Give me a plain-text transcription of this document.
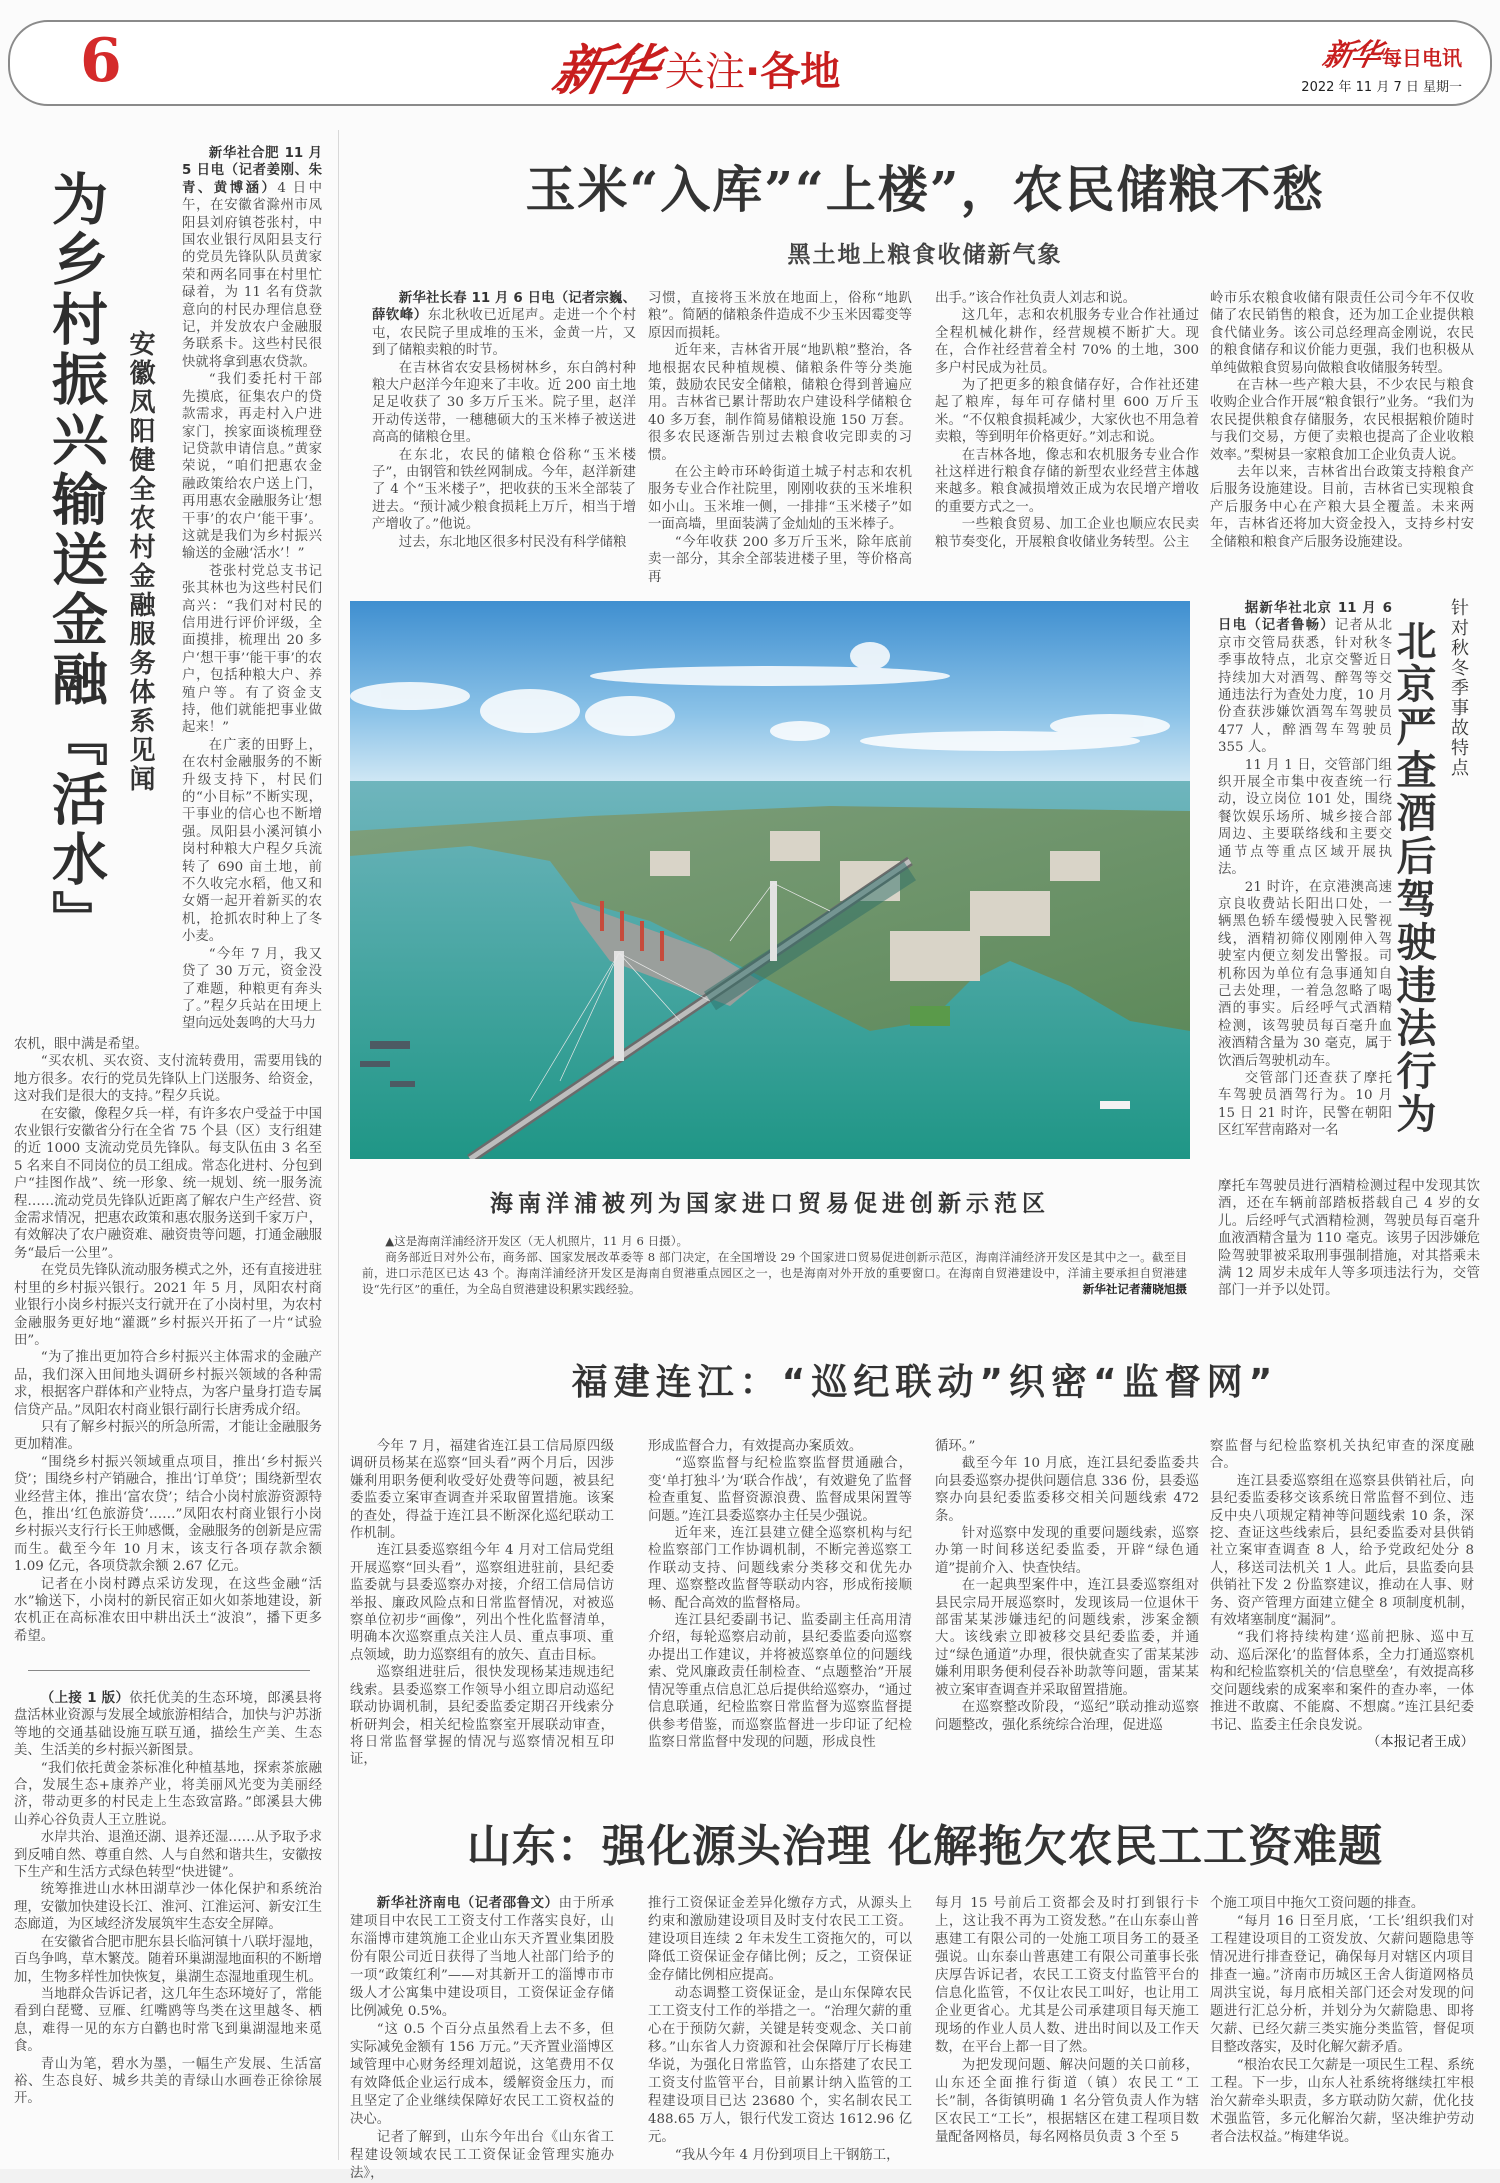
6	新华 关注·各地	新华 每日电讯
2022 年 11 月 7 日 星期一
为乡村振兴输送金融『活水』 安徽凤阳健全农村金融服务体系见闻

新华社合肥 11 月 5 日电（记者姜刚、朱青、黄博涵）4 日中午，在安徽省滁州市凤阳县刘府镇苍张村，中国农业银行凤阳县支行的党员先锋队队员黄家荣和两名同事在村里忙碌着，为 11 名有贷款意向的村民办理信息登记，并发放农户金融服务联系卡。这些村民很快就将拿到惠农贷款。

“我们委托村干部先摸底，征集农户的贷款需求，再走村入户进家门，挨家面谈梳理登记贷款申请信息。”黄家荣说，“咱们把惠农金融政策给农户送上门，再用惠农金融服务让‘想干事’的农户‘能干事’。这就是我们为乡村振兴输送的金融‘活水’！”

苍张村党总支书记张其林也为这些村民们高兴：“我们对村民的信用进行评价评级，全面摸排，梳理出 20 多户‘想干事’‘能干事’的农户，包括种粮大户、养殖户等。有了资金支持，他们就能把事业做起来！”

在广袤的田野上，在农村金融服务的不断升级支持下，村民们的“小目标”不断实现，干事业的信心也不断增强。凤阳县小溪河镇小岗村种粮大户程夕兵流转了 690 亩土地，前不久收完水稻，他又和女婿一起开着新买的农机，抢抓农时种上了冬小麦。

“今年 7 月，我又贷了 30 万元，资金没了难题，种粮更有奔头了。”程夕兵站在田埂上望向远处轰鸣的大马力

农机，眼中满是希望。

“买农机、买农资、支付流转费用，需要用钱的地方很多。农行的党员先锋队上门送服务、给资金，这对我们是很大的支持。”程夕兵说。

在安徽，像程夕兵一样，有许多农户受益于中国农业银行安徽省分行在全省 75 个县（区）支行组建的近 1000 支流动党员先锋队。每支队伍由 3 名至 5 名来自不同岗位的员工组成。常态化进村、分包到户“挂图作战”、统一形象、统一规划、统一服务流程……流动党员先锋队近距离了解农户生产经营、资金需求情况，把惠农政策和惠农服务送到千家万户，有效解决了农户融资难、融资贵等问题，打通金融服务“最后一公里”。

在党员先锋队流动服务模式之外，还有直接进驻村里的乡村振兴银行。2021 年 5 月，凤阳农村商业银行小岗乡村振兴支行就开在了小岗村里，为农村金融服务更好地“灌溉”乡村振兴开拓了一片“试验田”。

“为了推出更加符合乡村振兴主体需求的金融产品，我们深入田间地头调研乡村振兴领域的各种需求，根据客户群体和产业特点，为客户量身打造专属信贷产品。”凤阳农村商业银行副行长唐秀成介绍。

只有了解乡村振兴的所急所需，才能让金融服务更加精准。

“围绕乡村振兴领域重点项目，推出‘乡村振兴贷’；围绕乡村产销融合，推出‘订单贷’；围绕新型农业经营主体，推出‘富农贷’；结合小岗村旅游资源特色，推出‘红色旅游贷’……”凤阳农村商业银行小岗乡村振兴支行行长王帅感慨，金融服务的创新是应需而生。截至今年 10 月末，该支行各项存款余额 1.09 亿元，各项贷款余额 2.67 亿元。

记者在小岗村蹲点采访发现，在这些金融“活水”输送下，小岗村的新民宿正如火如荼地建设，新农机正在高标准农田中耕出沃土“波浪”，播下更多希望。

（上接 1 版）依托优美的生态环境，郎溪县将盘活林业资源与发展全域旅游相结合，加快与沪苏浙等地的交通基础设施互联互通，描绘生产美、生态美、生活美的乡村振兴新图景。

“我们依托黄金茶标准化种植基地，探索茶旅融合，发展生态+康养产业，将美丽风光变为美丽经济，带动更多的村民走上生态致富路。”郎溪县大佛山养心谷负责人王立胜说。

水岸共治、退渔还湖、退养还湿……从予取予求到反哺自然、尊重自然、人与自然和谐共生，安徽按下生产和生活方式绿色转型“快进键”。

统筹推进山水林田湖草沙一体化保护和系统治理，安徽加快建设长江、淮河、江淮运河、新安江生态廊道，为区域经济发展筑牢生态安全屏障。

在安徽省合肥市肥东县长临河镇十八联圩湿地，百鸟争鸣，草木繁茂。随着环巢湖湿地面积的不断增加，生物多样性加快恢复，巢湖生态湿地重现生机。

当地群众告诉记者，这几年生态环境好了，常能看到白琵鹭、豆雁、红嘴鸥等鸟类在这里越冬、栖息，难得一见的东方白鹳也时常飞到巢湖湿地来觅食。

青山为笔，碧水为墨，一幅生产发展、生活富裕、生态良好、城乡共美的青绿山水画卷正徐徐展开。

玉米“入库”“上楼”，农民储粮不愁
黑土地上粮食收储新气象

新华社长春 11 月 6 日电（记者宗巍、薛钦峰）东北秋收已近尾声。走进一个个村屯，农民院子里成堆的玉米，金黄一片，又到了储粮卖粮的时节。

在吉林省农安县杨树林乡，东白鸽村种粮大户赵洋今年迎来了丰收。近 200 亩土地足足收获了 30 多万斤玉米。院子里，赵洋开动传送带，一穗穗硕大的玉米棒子被送进高高的储粮仓里。

在东北，农民的储粮仓俗称“玉米楼子”，由钢管和铁丝网制成。今年，赵洋新建了 4 个“玉米楼子”，把收获的玉米全部装了进去。“预计减少粮食损耗上万斤，相当于增产增收了。”他说。

过去，东北地区很多村民没有科学储粮

习惯，直接将玉米放在地面上，俗称“地趴粮”。简陋的储粮条件造成不少玉米因霉变等原因而损耗。

近年来，吉林省开展“地趴粮”整治，各地根据农民种植规模、储粮条件等分类施策，鼓励农民安全储粮，储粮仓得到普遍应用。吉林省已累计帮助农户建设科学储粮仓 40 多万套，制作简易储粮设施 150 万套。很多农民逐渐告别过去粮食收完即卖的习惯。

在公主岭市环岭街道土城子村志和农机服务专业合作社院里，刚刚收获的玉米堆积如小山。玉米堆一侧，一排排“玉米楼子”如一面高墙，里面装满了金灿灿的玉米棒子。

“今年收获 200 多万斤玉米，除年底前卖一部分，其余全部装进楼子里，等价格高再

出手。”该合作社负责人刘志和说。

这几年，志和农机服务专业合作社通过全程机械化耕作，经营规模不断扩大。现在，合作社经营着全村 70% 的土地，300 多户村民成为社员。

为了把更多的粮食储存好，合作社还建起了粮库，每年可存储村里 600 万斤玉米。“不仅粮食损耗减少，大家伙也不用急着卖粮，等到明年价格更好。”刘志和说。

在吉林各地，像志和农机服务专业合作社这样进行粮食存储的新型农业经营主体越来越多。粮食减损增效正成为农民增产增收的重要方式之一。

一些粮食贸易、加工企业也顺应农民卖粮节奏变化，开展粮食收储业务转型。公主

岭市乐农粮食收储有限责任公司今年不仅收储了农民销售的粮食，还为加工企业提供粮食代储业务。该公司总经理高金刚说，农民的粮食储存和议价能力更强，我们也积极从单纯做粮食贸易向做粮食收储服务转型。

在吉林一些产粮大县，不少农民与粮食收购企业合作开展“粮食银行”业务。“我们为农民提供粮食存储服务，农民根据粮价随时与我们交易，方便了卖粮也提高了企业收粮效率。”梨树县一家粮食加工企业负责人说。

去年以来，吉林省出台政策支持粮食产后服务设施建设。目前，吉林省已实现粮食产后服务中心在产粮大县全覆盖。未来两年，吉林省还将加大资金投入，支持乡村安全储粮和粮食产后服务设施建设。

海南洋浦被列为国家进口贸易促进创新示范区

▲这是海南洋浦经济开发区（无人机照片，11 月 6 日摄）。

商务部近日对外公布，商务部、国家发展改革委等 8 部门决定，在全国增设 29 个国家进口贸易促进创新示范区，海南洋浦经济开发区是其中之一。截至目前，进口示范区已达 43 个。海南洋浦经济开发区是海南自贸港重点园区之一，也是海南对外开放的重要窗口。在海南自贸港建设中，洋浦主要承担自贸港建设“先行区”的重任，为全岛自贸港建设积累实践经验。	新华社记者蒲晓旭摄

针对秋冬季事故特点
北京严查酒后驾驶违法行为

据新华社北京 11 月 6 日电（记者鲁畅）记者从北京市交管局获悉，针对秋冬季事故特点，北京交警近日持续加大对酒驾、醉驾等交通违法行为查处力度，10 月份查获涉嫌饮酒驾车驾驶员 477 人，醉酒驾车驾驶员 355 人。

11 月 1 日，交管部门组织开展全市集中夜查统一行动，设立岗位 101 处，围绕餐饮娱乐场所、城乡接合部周边、主要联络线和主要交通节点等重点区域开展执法。

21 时许，在京港澳高速京良收费站长阳出口处，一辆黑色轿车缓慢驶入民警视线，酒精初筛仪刚刚伸入驾驶室内便立刻发出警报。司机称因为单位有急事通知自己去处理，一着急忽略了喝酒的事实。后经呼气式酒精检测，该驾驶员每百毫升血液酒精含量为 30 毫克，属于饮酒后驾驶机动车。

交管部门还查获了摩托车驾驶员酒驾行为。10 月 15 日 21 时许，民警在朝阳区红军营南路对一名

摩托车驾驶员进行酒精检测过程中发现其饮酒，还在车辆前部踏板搭载自己 4 岁的女儿。后经呼气式酒精检测，驾驶员每百毫升血液酒精含量为 110 毫克。该男子因涉嫌危险驾驶罪被采取刑事强制措施，对其搭乘未满 12 周岁未成年人等多项违法行为，交管部门一并予以处罚。

福建连江：“巡纪联动”织密“监督网”

今年 7 月，福建省连江县工信局原四级调研员杨某在巡察“回头看”两个月后，因涉嫌利用职务便利收受好处费等问题，被县纪委监委立案审查调查并采取留置措施。该案的查处，得益于连江县不断深化巡纪联动工作机制。

连江县委巡察组今年 4 月对工信局党组开展巡察“回头看”，巡察组进驻前，县纪委监委就与县委巡察办对接，介绍工信局信访举报、廉政风险点和日常监督情况，对被巡察单位初步“画像”，列出个性化监督清单，明确本次巡察重点关注人员、重点事项、重点领域，助力巡察组有的放矢、直击目标。

巡察组进驻后，很快发现杨某违规违纪线索。县委巡察工作领导小组立即启动巡纪联动协调机制，县纪委监委定期召开线索分析研判会，相关纪检监察室开展联动审查，将日常监督掌握的情况与巡察情况相互印证，

形成监督合力，有效提高办案质效。

“巡察监督与纪检监察监督贯通融合，变‘单打独斗’为‘联合作战’，有效避免了监督检查重复、监督资源浪费、监督成果闲置等问题。”连江县委巡察办主任吴少强说。

近年来，连江县建立健全巡察机构与纪检监察部门工作协调机制，不断完善巡察工作联动支持、问题线索分类移交和优先办理、巡察整改监督等联动内容，形成衔接顺畅、配合高效的监督格局。

连江县纪委副书记、监委副主任高用清介绍，每轮巡察启动前，县纪委监委向巡察办提出工作建议，并将被巡察单位的问题线索、党风廉政责任制检查、“点题整治”开展情况等重点信息汇总后提供给巡察办，“通过信息联通，纪检监察日常监督为巡察监督提供参考借鉴，而巡察监督进一步印证了纪检监察日常监督中发现的问题，形成良性

循环。”

截至今年 10 月底，连江县纪委监委共向县委巡察办提供问题信息 336 份，县委巡察办向县纪委监委移交相关问题线索 472 条。

针对巡察中发现的重要问题线索，巡察办第一时间移送纪委监委，开辟“绿色通道”提前介入、快查快结。

在一起典型案件中，连江县委巡察组对县民宗局开展巡察时，发现该局一位退休干部雷某某涉嫌违纪的问题线索，涉案金额大。该线索立即被移交县纪委监委，并通过“绿色通道”办理，很快就查实了雷某某涉嫌利用职务便利侵吞补助款等问题，雷某某被立案审查调查并采取留置措施。

在巡察整改阶段，“巡纪”联动推动巡察问题整改，强化系统综合治理，促进巡

察监督与纪检监察机关执纪审查的深度融合。

连江县委巡察组在巡察县供销社后，向县纪委监委移交该系统日常监督不到位、违反中央八项规定精神等问题线索 10 条，深挖、查证这些线索后，县纪委监委对县供销社立案审查调查 8 人，给予党政纪处分 8 人，移送司法机关 1 人。此后，县监委向县供销社下发 2 份监察建议，推动在人事、财务、资产管理方面建立健全 8 项制度机制，有效堵塞制度“漏洞”。

“我们将持续构建‘巡前把脉、巡中互动、巡后深化’的监督体系，全力打通巡察机构和纪检监察机关的‘信息壁垒’，有效提高移交问题线索的成案率和案件的查办率，一体推进不敢腐、不能腐、不想腐。”连江县纪委书记、监委主任余良发说。

（本报记者王成）

山东：强化源头治理 化解拖欠农民工工资难题

新华社济南电（记者邵鲁文）由于所承建项目中农民工工资支付工作落实良好，山东淄博市建筑施工企业山东天齐置业集团股份有限公司近日获得了当地人社部门给予的一项“政策红利”——对其新开工的淄博市市级人才公寓集中建设项目，工资保证金存储比例减免 0.5%。

“这 0.5 个百分点虽然看上去不多，但实际减免金额有 156 万元。”天齐置业淄博区域管理中心财务经理刘超说，这笔费用不仅有效降低企业运行成本，缓解资金压力，而且坚定了企业继续保障好农民工工资权益的决心。

记者了解到，山东今年出台《山东省工程建设领域农民工工资保证金管理实施办法》，

推行工资保证金差异化缴存方式，从源头上约束和激励建设项目及时支付农民工工资。建设项目连续 2 年未发生工资拖欠的，可以降低工资保证金存储比例；反之，工资保证金存储比例相应提高。

动态调整工资保证金，是山东保障农民工工资支付工作的举措之一。“治理欠薪的重心在于预防欠薪，关键是转变观念、关口前移。”山东省人力资源和社会保障厅厅长梅建华说，为强化日常监管，山东搭建了农民工工资支付监管平台，目前累计纳入监管的工程建设项目已达 23680 个，实名制农民工 488.65 万人，银行代发工资达 1612.96 亿元。

“我从今年 4 月份到项目上干钢筋工，

每月 15 号前后工资都会及时打到银行卡上，这让我不再为工资发愁。”在山东泰山普惠建工有限公司的一处施工项目务工的聂圣强说。山东泰山普惠建工有限公司董事长张庆厚告诉记者，农民工工资支付监管平台的信息化监管，不仅让农民工叫好，也让用工企业更省心。尤其是公司承建项目每天施工现场的作业人员人数、进出时间以及工作天数，在平台上都一目了然。

为把发现问题、解决问题的关口前移，山东还全面推行街道（镇）农民工“工长”制，各街镇明确 1 名分管负责人作为辖区农民工“工长”，根据辖区在建工程项目数量配备网格员，每名网格员负责 3 个至 5

个施工项目中拖欠工资问题的排查。

“每月 16 日至月底，‘工长’组织我们对工程建设项目的工资发放、欠薪问题隐患等情况进行排查登记，确保每月对辖区内项目排查一遍。”济南市历城区王舍人街道网格员周洪宝说，每月底相关部门还会对发现的问题进行汇总分析，并划分为欠薪隐患、即将欠薪、已经欠薪三类实施分类监管，督促项目整改落实，及时化解欠薪矛盾。

“根治农民工欠薪是一项民生工程、系统工程。下一步，山东人社系统将继续扛牢根治欠薪牵头职责，多方联动防欠薪，优化技术强监管，多元化解治欠薪，坚决维护劳动者合法权益。”梅建华说。
